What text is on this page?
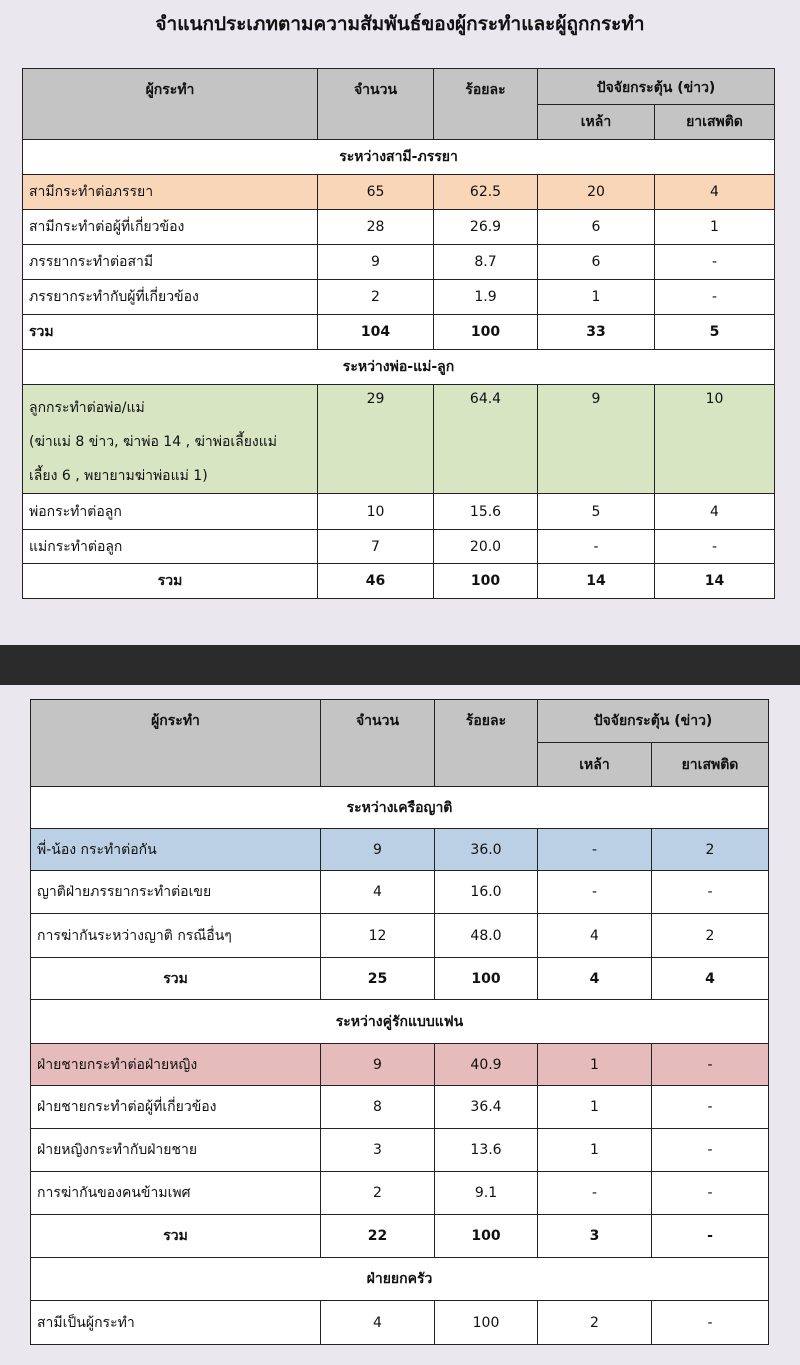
จำแนกประเภทตามความสัมพันธ์ของผู้กระทำและผู้ถูกกระทำ
ผู้กระทำ	จำนวน	ร้อยละ	ปัจจัยกระตุ้น (ข่าว)	
			เหล้า	ยาเสพติด
ระหว่างสามี-ภรรยา				
สามีกระทำต่อภรรยา	65	62.5	20	4
สามีกระทำต่อผู้ที่เกี่ยวข้อง	28	26.9	6	1
ภรรยากระทำต่อสามี	9	8.7	6	-
ภรรยากระทำกับผู้ที่เกี่ยวข้อง	2	1.9	1	-
รวม	104	100	33	5
ระหว่างพ่อ-แม่-ลูก				

ลูกกระทำต่อพ่อ/แม่
(ฆ่าแม่ 8 ข่าว, ฆ่าพ่อ 14 , ฆ่าพ่อเลี้ยงแม่
เลี้ยง 6 , พยายามฆ่าพ่อแม่ 1)	29	64.4	9	10
พ่อกระทำต่อลูก	10	15.6	5	4
แม่กระทำต่อลูก	7	20.0	-	-
รวม	46	100	14	14
ผู้กระทำ	จำนวน	ร้อยละ	ปัจจัยกระตุ้น (ข่าว)	
			เหล้า	ยาเสพติด
ระหว่างเครือญาติ				
พี่-น้อง กระทำต่อกัน	9	36.0	-	2
ญาติฝ่ายภรรยากระทำต่อเขย	4	16.0	-	-
การฆ่ากันระหว่างญาติ กรณีอื่นๆ	12	48.0	4	2
รวม	25	100	4	4
ระหว่างคู่รักแบบแฟน				
ฝ่ายชายกระทำต่อฝ่ายหญิง	9	40.9	1	-
ฝ่ายชายกระทำต่อผู้ที่เกี่ยวข้อง	8	36.4	1	-
ฝ่ายหญิงกระทำกับฝ่ายชาย	3	13.6	1	-
การฆ่ากันของคนข้ามเพศ	2	9.1	-	-
รวม	22	100	3	-
ฝ่ายยกครัว				
สามีเป็นผู้กระทำ	4	100	2	-
